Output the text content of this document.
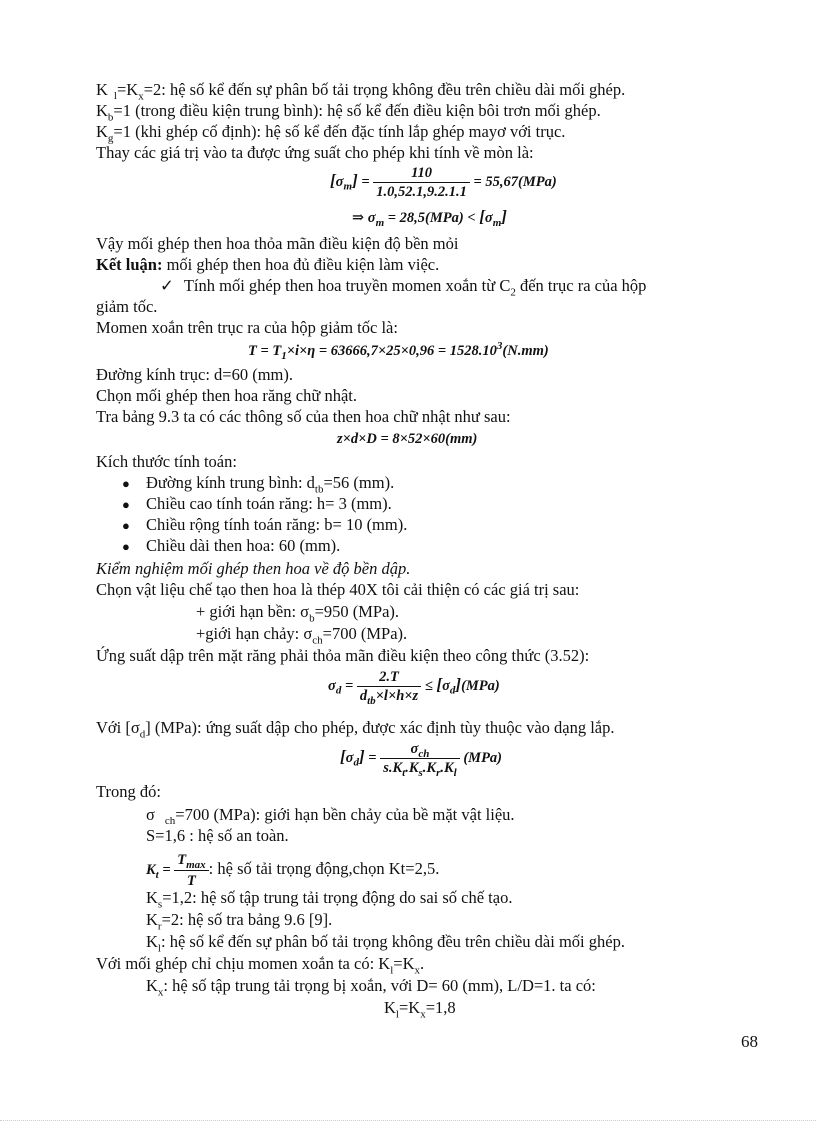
K $_l=K_x=2$: hệ số kể đến sự phân bố tải trọng không đều trên chiều dài mối ghép.
$K_b=1$ (trong điều kiện trung bình): hệ số kể đến điều kiện bôi trơn mối ghép.
$K_g=1$ (khi ghép cố định): hệ số kể đến đặc tính lắp ghép mayơ với trục.
Thay các giá trị vào ta được ứng suất cho phép khi tính về mòn là:
$[\sigma_m] = \frac{110}{1.0,52.1,9.2.1.1} = 55,67(MPa)$
⇒ $\sigma_m = 28,5(MPa) < [\sigma_m]$
Vậy mối ghép then hoa thỏa mãn điều kiện độ bền mỏi
Kết luận: mối ghép then hoa đủ điều kiện làm việc.
✓ Tính mối ghép then hoa truyền momen xoắn từ $C_2$ đến trục ra của hộp
giảm tốc.
Momen xoắn trên trục ra của hộp giảm tốc là:
$T = T_1\times i\times\eta = 63666,7\times 25\times 0,96 = 1528.10^3(N.mm)$
Đường kính trục: d=60 (mm).
Chọn mối ghép then hoa răng chữ nhật.
Tra bảng 9.3 ta có các thông số của then hoa chữ nhật như sau:
z×d×D = 8×52×60(mm)
Kích thước tính toán:
● Đường kính trung bình: $d_{tb}=56$ (mm).
● Chiều cao tính toán răng: h= 3 (mm).
● Chiều rộng tính toán răng: b= 10 (mm).
● Chiều dài then hoa: 60 (mm).
Kiểm nghiệm mối ghép then hoa về độ bền dập.
Chọn vật liệu chế tạo then hoa là thép 40X tôi cải thiện có các giá trị sau:
+ giới hạn bền: $\sigma_b=950$ (MPa).
+giới hạn chảy: $\sigma_{ch}=700$ (MPa).
Ứng suất dập trên mặt răng phải thỏa mãn điều kiện theo công thức (3.52):
$\sigma_d = \frac{2.T}{d_{tb}\times l\times h\times z} \le [\sigma_d](MPa)$
Với $[\sigma_d]$ (MPa): ứng suất dập cho phép, được xác định tùy thuộc vào dạng lắp.
$[\sigma_d] = \frac{\sigma_{ch}}{s.K_t.K_s.K_r.K_l} (MPa)$
Trong đó:
σ $_{ch}$=700 (MPa): giới hạn bền chảy của bề mặt vật liệu.
S=1,6 : hệ số an toàn.
$K_t = \frac{T_{max}}{T}$ : hệ số tải trọng động,chọn Kt=2,5.
$K_s=1,2$: hệ số tập trung tải trọng động do sai số chế tạo.
$K_r=2$: hệ số tra bảng 9.6 [9].
$K_l$: hệ số kể đến sự phân bố tải trọng không đều trên chiều dài mối ghép.
Với mối ghép chỉ chịu momen xoắn ta có: $K_l=K_x$.
$K_x$: hệ số tập trung tải trọng bị xoắn, với D= 60 (mm), L/D=1. ta có:
$K_l=K_x=1,8$
68
